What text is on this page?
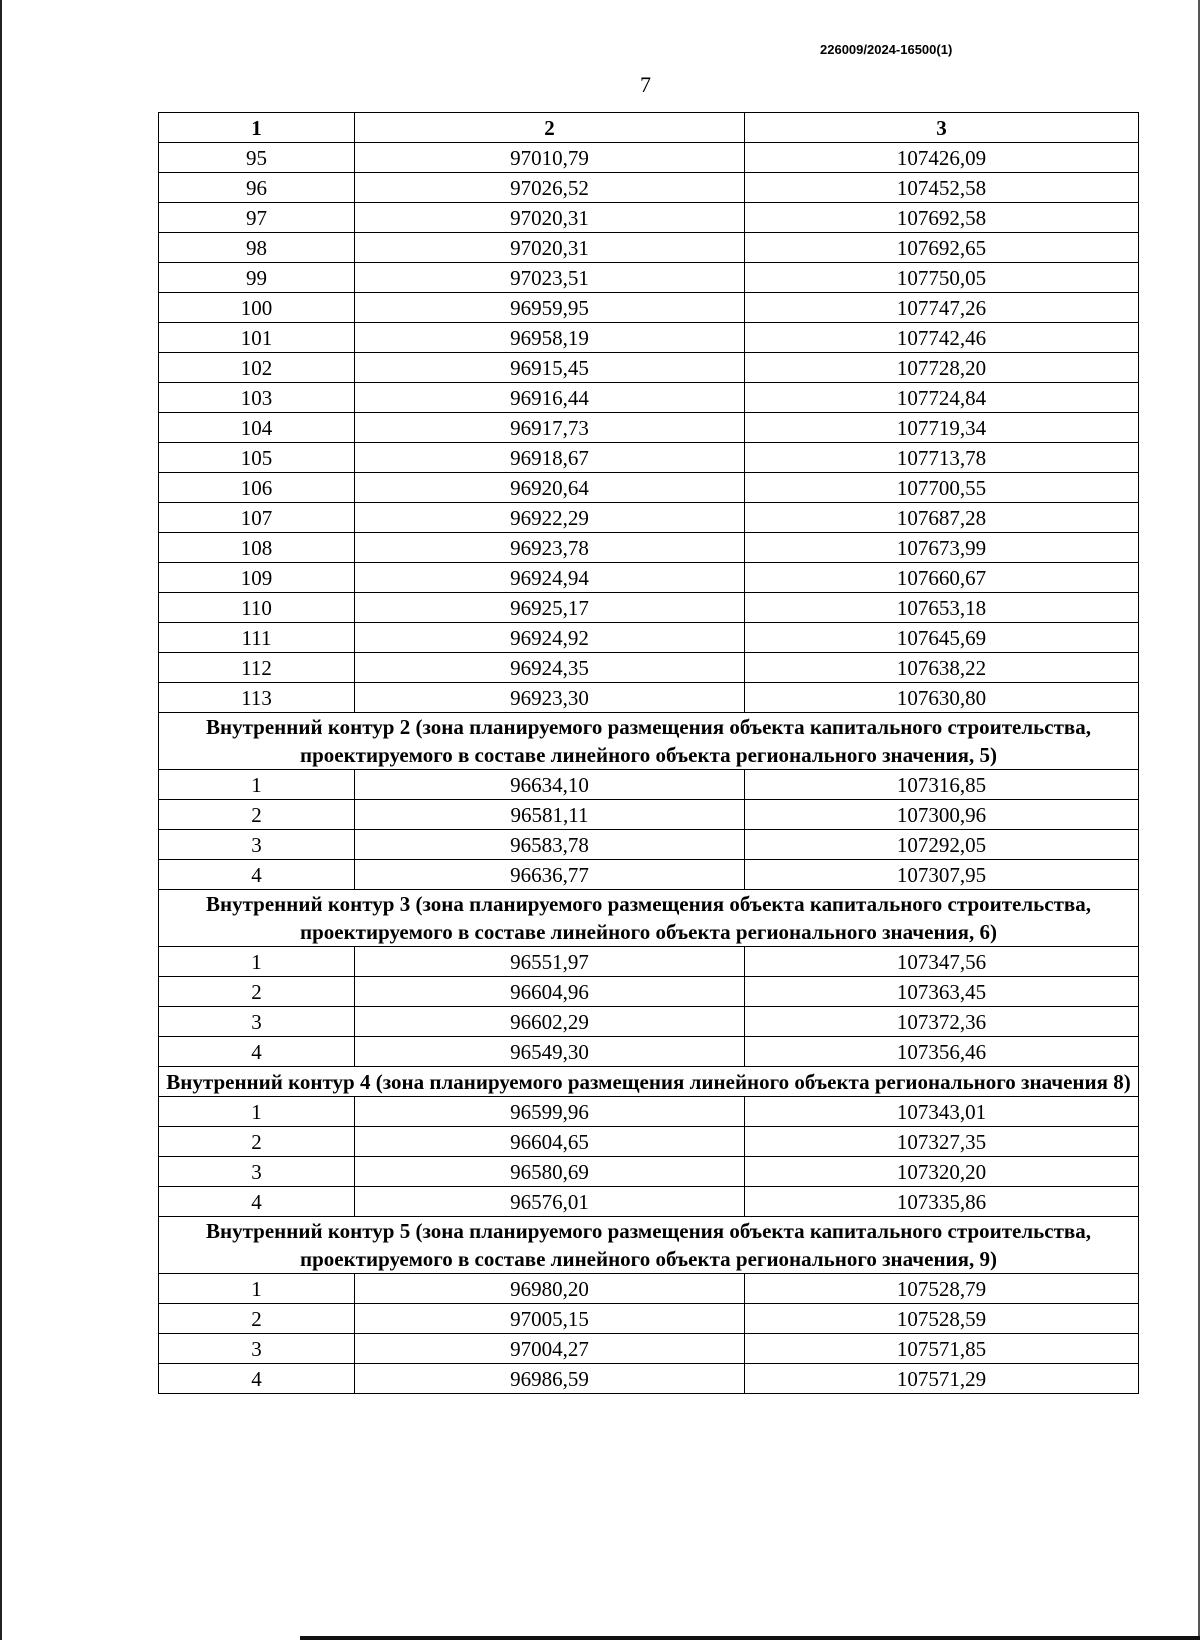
226009/2024-16500(1)
7
1	2	3
95	97010,79	107426,09
96	97026,52	107452,58
97	97020,31	107692,58
98	97020,31	107692,65
99	97023,51	107750,05
100	96959,95	107747,26
101	96958,19	107742,46
102	96915,45	107728,20
103	96916,44	107724,84
104	96917,73	107719,34
105	96918,67	107713,78
106	96920,64	107700,55
107	96922,29	107687,28
108	96923,78	107673,99
109	96924,94	107660,67
110	96925,17	107653,18
111	96924,92	107645,69
112	96924,35	107638,22
113	96923,30	107630,80
Внутренний контур 2 (зона планируемого размещения объекта капитального строительства, проектируемого в составе линейного объекта регионального значения, 5)		
1	96634,10	107316,85
2	96581,11	107300,96
3	96583,78	107292,05
4	96636,77	107307,95
Внутренний контур 3 (зона планируемого размещения объекта капитального строительства, проектируемого в составе линейного объекта регионального значения, 6)		
1	96551,97	107347,56
2	96604,96	107363,45
3	96602,29	107372,36
4	96549,30	107356,46
Внутренний контур 4 (зона планируемого размещения линейного объекта регионального значения 8)		
1	96599,96	107343,01
2	96604,65	107327,35
3	96580,69	107320,20
4	96576,01	107335,86
Внутренний контур 5 (зона планируемого размещения объекта капитального строительства, проектируемого в составе линейного объекта регионального значения, 9)		
1	96980,20	107528,79
2	97005,15	107528,59
3	97004,27	107571,85
4	96986,59	107571,29
